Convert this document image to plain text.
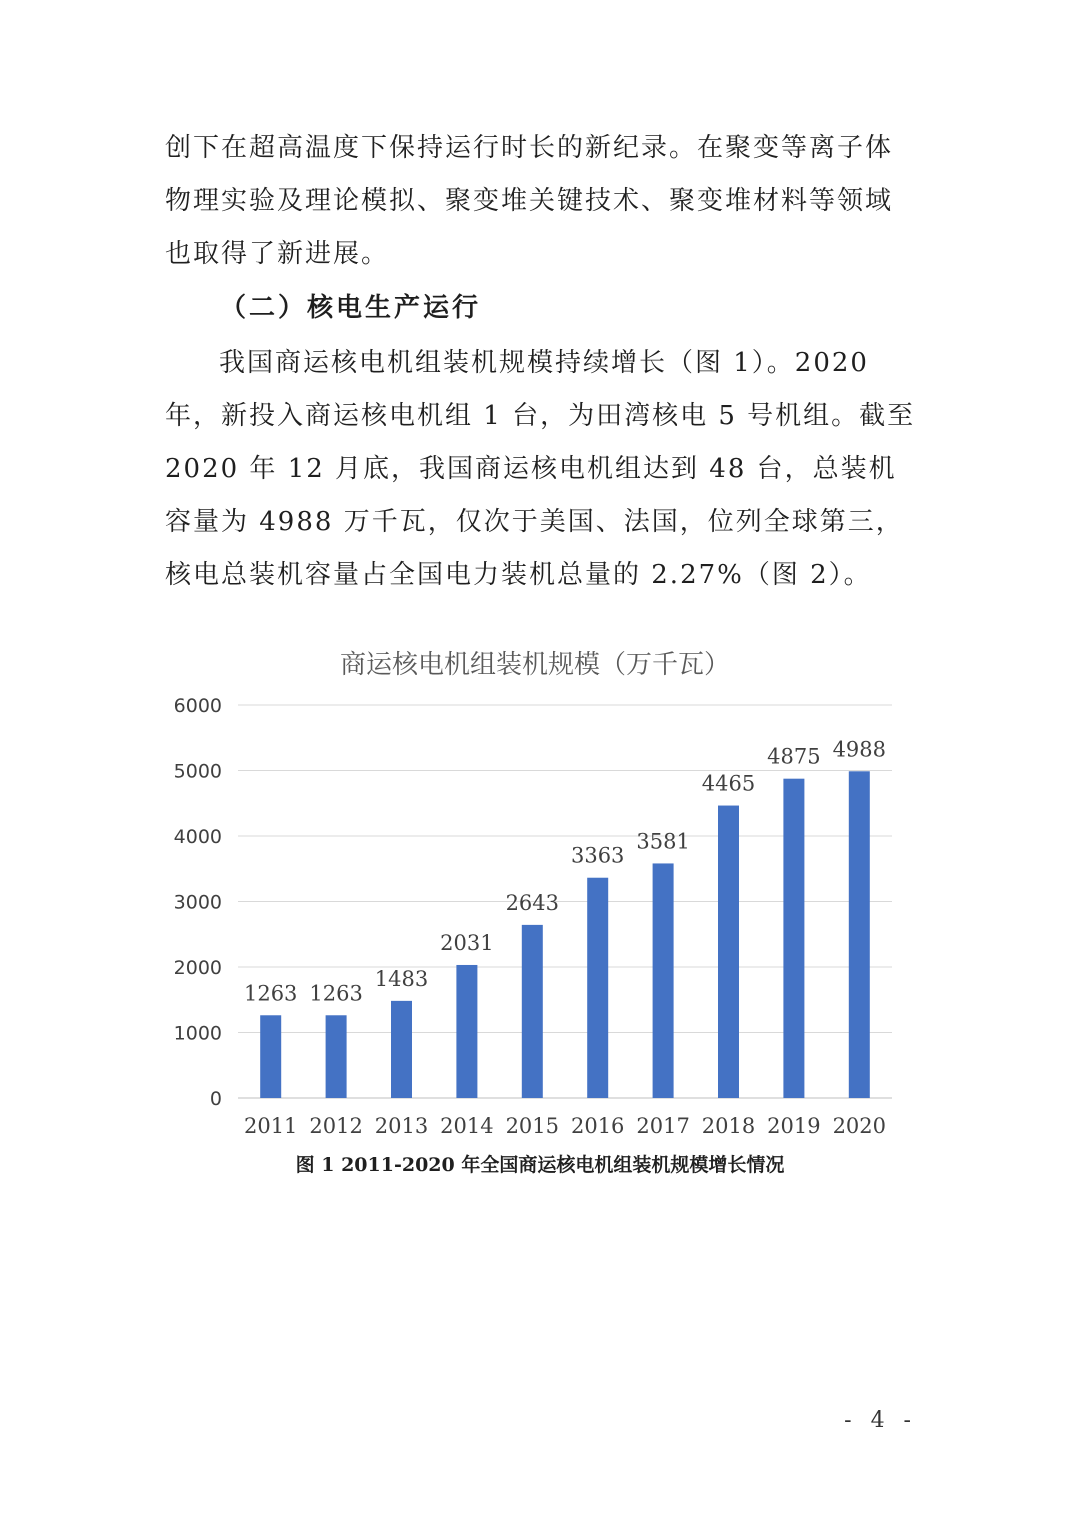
创下在超高温度下保持运行时长的新纪录。在聚变等离子体物理实验及理论模拟、聚变堆关键技术、聚变堆材料等领域也取得了新进展。

（二）核电生产运行

我国商运核电机组装机规模持续增长（图 1）。2020 年，新投入商运核电机组 1 台，为田湾核电 5 号机组。截至 2020 年 12 月底，我国商运核电机组达到 48 台，总装机容量为 4988 万千瓦，仅次于美国、法国，位列全球第三，核电总装机容量占全国电力装机总量的 2.27%（图 2）。

商运核电机组装机规模（万千瓦）
0
1000
2000
3000
4000
5000
6000
1263 1263
1483
2031
2643
3363
3581
4465
4875 4988
2011 2012 2013 2014 2015 2016 2017 2018 2019 2020

图 1 2011-2020 年全国商运核电机组装机规模增长情况

- 4 -
